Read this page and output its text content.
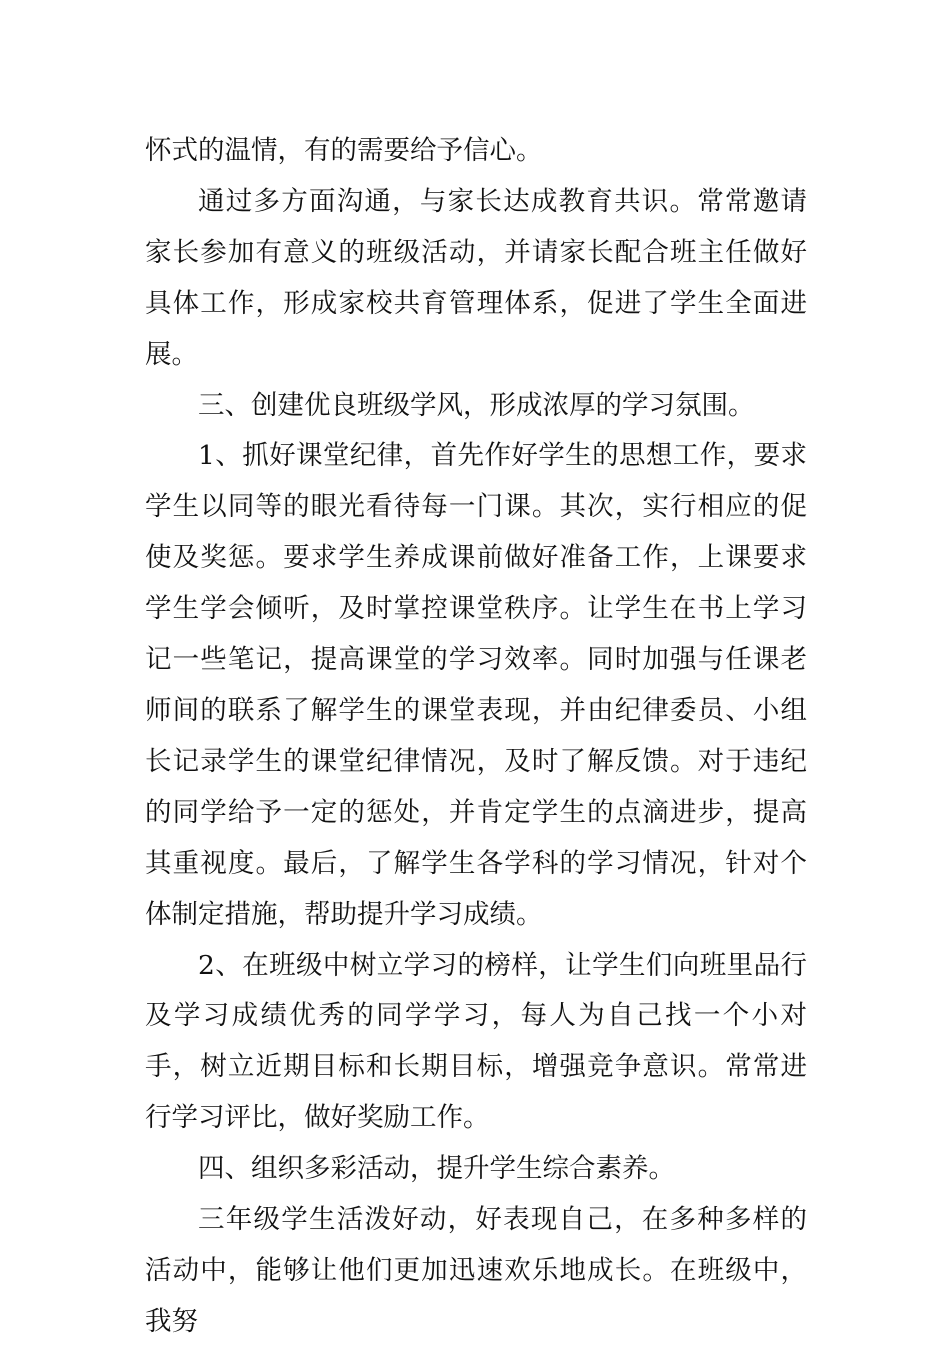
怀式的温情，有的需要给予信心。

通过多方面沟通，与家长达成教育共识。常常邀请家长参加有意义的班级活动，并请家长配合班主任做好具体工作，形成家校共育管理体系，促进了学生全面进展。

三、创建优良班级学风，形成浓厚的学习氛围。

1、抓好课堂纪律，首先作好学生的思想工作，要求学生以同等的眼光看待每一门课。其次，实行相应的促使及奖惩。要求学生养成课前做好准备工作，上课要求学生学会倾听，及时掌控课堂秩序。让学生在书上学习记一些笔记，提高课堂的学习效率。同时加强与任课老师间的联系了解学生的课堂表现，并由纪律委员、小组长记录学生的课堂纪律情况，及时了解反馈。对于违纪的同学给予一定的惩处，并肯定学生的点滴进步，提高其重视度。最后，了解学生各学科的学习情况，针对个体制定措施，帮助提升学习成绩。

2、在班级中树立学习的榜样，让学生们向班里品行及学习成绩优秀的同学学习，每人为自己找一个小对手，树立近期目标和长期目标，增强竞争意识。常常进行学习评比，做好奖励工作。

四、组织多彩活动，提升学生综合素养。

三年级学生活泼好动，好表现自己，在多种多样的活动中，能够让他们更加迅速欢乐地成长。在班级中，我努
